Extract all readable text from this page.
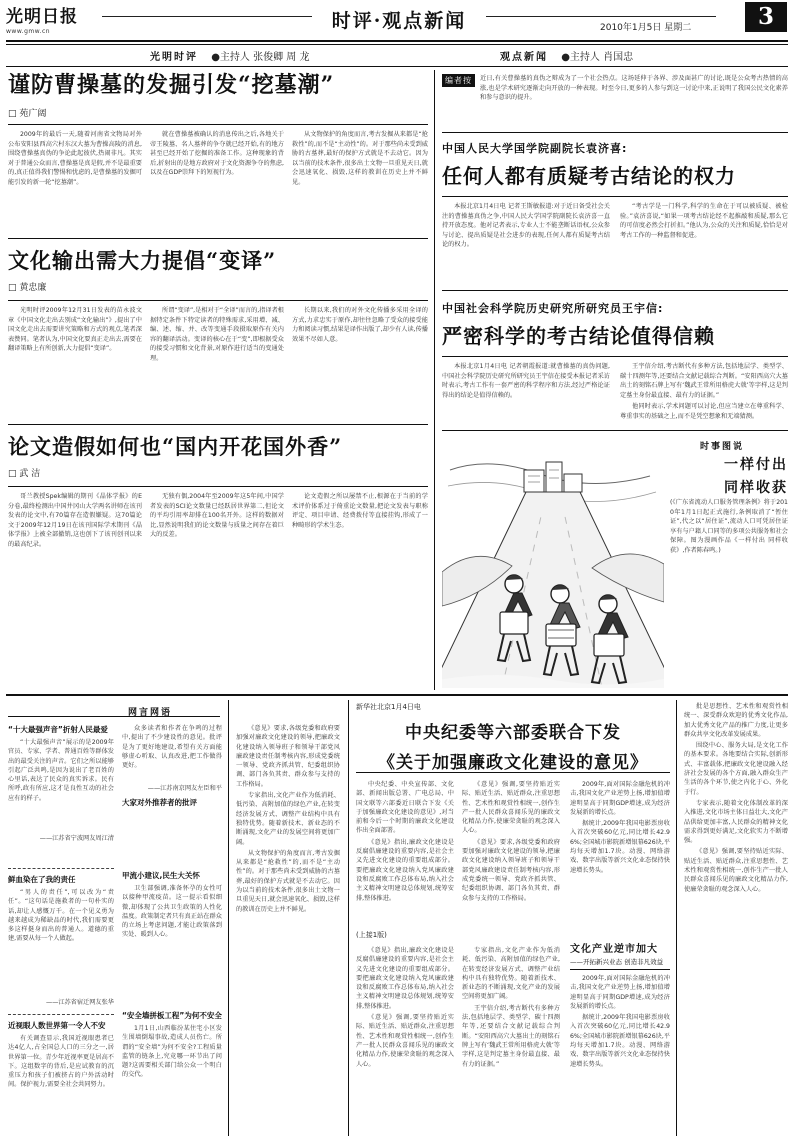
光明日报
www.gmw.cn	时评·观点新闻	2010年1月5日 星期二	3
光明时评 ●主持人 张俊卿 周 龙	观点新闻 ●主持人 肖国忠
谨防曹操墓的发掘引发“挖墓潮”
□ 苑广阔

2009年的最后一天,随着河南省文物局对外公布安阳县西高穴村东汉大墓为曹操高陵的消息,围绕曹操墓真伪的争论此起彼伏,热闹非凡。其实对于普通公众而言,曹操墓是真是假,并不是最重要的,真正值得我们警惕和忧虑的,是曹操墓的发掘可能引发的新一轮“挖墓潮”。

就在曹操墓被确认的消息传出之后,各地关于帝王陵墓、名人墓葬的争夺就已经开始,有的地方甚至已经开始了挖掘的准备工作。这种现象的背后,折射出的是地方政府对于文化资源争夺的焦虑,以及在GDP崇拜下的短视行为。

从文物保护的角度而言,考古发掘从来都是“抢救性”的,而不是“主动性”的。对于那些尚未受到威胁的古墓葬,最好的保护方式就是不去动它。因为以当前的技术条件,很多出土文物一旦重见天日,就会迅速氧化、损毁,这样的教训在历史上并不鲜见。

文化输出需大力提倡“变译”
□ 黄忠廉

光明时评2009年12月31日发表的苗永波文章《中国文化走出去别成“文化输出”》,提出了中国文化走出去需要讲究策略和方式的观点,笔者深表赞同。笔者认为,中国文化要真正走出去,需要在翻译策略上有所创新,大力提倡“变译”。

所谓“变译”,是相对于“全译”而言的,指译者根据特定条件下特定读者的特殊需求,采用增、减、编、述、缩、并、改等变通手段摄取原作有关内容的翻译活动。变译的核心在于“变”,即根据受众的接受习惯和文化背景,对原作进行适当的变通处理。

长期以来,我们的对外文化传播多采用全译的方式,力求忠实于原作,却往往忽略了受众的接受能力和阅读习惯,结果是译作出版了,却少有人读,传播效果不尽如人意。

论文造假如何也“国内开花国外香”
□ 武 洁

哥兰教授Spek编辑的期刊《晶体学报》的E分卷,最终检测出中国井冈山大学两名讲师在该刊发表的论文中,有70篇存在造假嫌疑。这70篇论文于2009年12月19日在该刊国际学术期刊《晶体学报》上被全部撤销,这也创下了该刊创刊以来的最高纪录。

无独有偶,2004年至2009年这5年间,中国学者发表的SCI论文数量已经跃居世界第二,但论文的平均引用率却排在100名开外。这样的数据对比,显然说明我们的论文数量与质量之间存在着巨大的反差。

论文造假之所以屡禁不止,根源在于当前的学术评价体系过于倚重论文数量,把论文发表与职称评定、项目申请、经费拨付等直接挂钩,形成了一种畸形的学术生态。

编者按	近日,有关曹操墓的真伪之辩成为了一个社会热点。这场延伸于各界、涉及面甚广的讨论,既是公众考古热情的高涨,也是学术研究逐渐走向开放的一种表现。时至今日,更多的人参与到这一讨论中来,正说明了我国公民文化素养和参与意识的提升。

中国人民大学国学院副院长袁济喜:
任何人都有质疑考古结论的权力

本报北京1月4日电 记者王斯敏报道:对于近日备受社会关注的曹操墓真伪之争,中国人民大学国学院副院长袁济喜一直持开放态度。他对记者表示,专业人士不能垄断话语权,公众参与讨论、提出质疑是社会进步的表现,任何人都有质疑考古结论的权力。

“考古学是一门科学,科学的生命在于可以被质疑、被检验。”袁济喜说,“如果一项考古结论经不起推敲和质疑,那么它的可信度必然会打折扣。”他认为,公众的关注和质疑,恰恰是对考古工作的一种监督和促进。

中国社会科学院历史研究所研究员王宇信:
严密科学的考古结论值得信赖

本报北京1月4日电 记者朝霞报道:就曹操墓的真伪问题,中国社会科学院历史研究所研究员王宇信在接受本报记者采访时表示,考古工作有一套严密的科学程序和方法,经过严格论证得出的结论是值得信赖的。

王宇信介绍,考古断代有多种方法,包括地层学、类型学、碳十四测年等,还要结合文献记载综合判断。“安阳西高穴大墓出土的刻铭石牌上写有‘魏武王常所用格虎大戟’等字样,这是判定墓主身份最直接、最有力的证据。”

他同时表示,学术问题可以讨论,但应当建立在尊重科学、尊重事实的基础之上,而不是凭空想象和无端猜测。

时事图说
一样付出
同样收获

(《广东省流动人口服务管理条例》将于2010年1月1日起正式施行,条例取消了“暂住证”,代之以“居住证”,流动人口可凭居住证享有与户籍人口同等的多项公共服务和社会保障。图为漫画作品《一样付出 同样收获》,作者陈春鸣。)

网言网语
“十大最强声音”折射人民最爱

“十大最强声音”展示的是2009年官员、专家、学者、普通百姓等群体发出的最受关注的声音。它们之所以能够引起广泛共鸣,是因为说出了老百姓的心里话,表达了民众的真实诉求。民有所呼,政有所应,这才是良性互动的社会应有的样子。

——江苏省宁波网友周江清
鲜血染在了我的责任

“男人的责任”,可以改为“责任”。“这句话是施救者的一句朴实的话,却让人感慨万千。在一个见义勇为越来越成为稀缺品的时代,我们需要更多这样挺身而出的普通人。道德的重建,需要从每一个人做起。

——江苏省宿迁网友张华
近视眼人数世界第一令人不安

有关调查显示,我国近视眼患者已达4亿人,占全国总人口的三分之一,居世界第一位。青少年近视率更是居高不下。这组数字的背后,是应试教育的沉重压力和孩子们被挤占的户外活动时间。保护视力,需要全社会共同努力。

众多读者和作者在争鸣的过程中,提出了不少建设性的意见。批评是为了更好地建设,希望有关方面能够虚心听取、认真改进,把工作做得更好。

——江苏南京网友左臣和平
大家对外推荐者的批评
甲流小建议,民生大关怀

卫生部强调,准备怀孕的女性可以接种甲流疫苗。这一提示看似细微,却体现了公共卫生政策的人性化温度。政策制定者只有真正站在群众的立场上考虑问题,才能让政策落到实处、暖到人心。

“安全墙拼板工程”为何不安全

1月1日,山西临汾某住宅小区发生围墙倒塌事故,造成人员伤亡。所谓的“安全墙”为何不安全?工程质量监管的链条上,究竟哪一环节出了问题?这需要相关部门给公众一个明白的交代。

《意见》要求,各级党委和政府要加强对廉政文化建设的领导,把廉政文化建设纳入领导班子和领导干部党风廉政建设责任制考核内容,形成党委统一领导、党政齐抓共管、纪委组织协调、部门各负其责、群众参与支持的工作格局。

专家指出,文化产业作为低消耗、低污染、高附加值的绿色产业,在转变经济发展方式、调整产业结构中具有独特优势。随着新技术、新业态的不断涌现,文化产业的发展空间将更加广阔。

从文物保护的角度而言,考古发掘从来都是“抢救性”的,而不是“主动性”的。对于那些尚未受到威胁的古墓葬,最好的保护方式就是不去动它。因为以当前的技术条件,很多出土文物一旦重见天日,就会迅速氧化、损毁,这样的教训在历史上并不鲜见。

新华社北京1月4日电
中央纪委等六部委联合下发
《关于加强廉政文化建设的意见》

中央纪委、中央宣传部、文化部、新闻出版总署、广电总局、中国文联等六部委近日联合下发《关于加强廉政文化建设的意见》,对当前和今后一个时期的廉政文化建设作出全面部署。

《意见》指出,廉政文化建设是反腐倡廉建设的重要内容,是社会主义先进文化建设的重要组成部分。要把廉政文化建设纳入党风廉政建设和反腐败工作总体布局,纳入社会主义精神文明建设总体规划,统筹安排,整体推进。

《意见》强调,要坚持贴近实际、贴近生活、贴近群众,注重思想性、艺术性和观赏性相统一,创作生产一批人民群众喜闻乐见的廉政文化精品力作,使廉荣贪耻的观念深入人心。

《意见》要求,各级党委和政府要加强对廉政文化建设的领导,把廉政文化建设纳入领导班子和领导干部党风廉政建设责任制考核内容,形成党委统一领导、党政齐抓共管、纪委组织协调、部门各负其责、群众参与支持的工作格局。

2009年,面对国际金融危机的冲击,我国文化产业逆势上扬,增加值增速明显高于同期GDP增速,成为经济发展新的增长点。

据统计,2009年我国电影票房收入首次突破60亿元,同比增长42.96%;全国城市影院新增银幕626块,平均每天增加1.7块。动漫、网络游戏、数字出版等新兴文化业态保持快速增长势头。

(上接1版)

《意见》指出,廉政文化建设是反腐倡廉建设的重要内容,是社会主义先进文化建设的重要组成部分。要把廉政文化建设纳入党风廉政建设和反腐败工作总体布局,纳入社会主义精神文明建设总体规划,统筹安排,整体推进。

《意见》强调,要坚持贴近实际、贴近生活、贴近群众,注重思想性、艺术性和观赏性相统一,创作生产一批人民群众喜闻乐见的廉政文化精品力作,使廉荣贪耻的观念深入人心。

专家指出,文化产业作为低消耗、低污染、高附加值的绿色产业,在转变经济发展方式、调整产业结构中具有独特优势。随着新技术、新业态的不断涌现,文化产业的发展空间将更加广阔。

王宇信介绍,考古断代有多种方法,包括地层学、类型学、碳十四测年等,还要结合文献记载综合判断。“安阳西高穴大墓出土的刻铭石牌上写有‘魏武王常所用格虎大戟’等字样,这是判定墓主身份最直接、最有力的证据。”

文化产业逆市加大
——开拓新兴业态 创造非凡效益

2009年,面对国际金融危机的冲击,我国文化产业逆势上扬,增加值增速明显高于同期GDP增速,成为经济发展新的增长点。

据统计,2009年我国电影票房收入首次突破60亿元,同比增长42.96%;全国城市影院新增银幕626块,平均每天增加1.7块。动漫、网络游戏、数字出版等新兴文化业态保持快速增长势头。

批是思想性、艺术性和观赏性相统一、深受群众欢迎的优秀文化作品,加大优秀文化产品的推广力度,让更多群众共享文化改革发展成果。

围绕中心、服务大局,是文化工作的基本要求。各地要结合实际,创新形式、丰富载体,把廉政文化建设融入经济社会发展的各个方面,融入群众生产生活的各个环节,使之内化于心、外化于行。

专家表示,随着文化体制改革的深入推进,文化市场主体日益壮大,文化产品供给更加丰富,人民群众的精神文化需求得到更好满足,文化软实力不断增强。

《意见》强调,要坚持贴近实际、贴近生活、贴近群众,注重思想性、艺术性和观赏性相统一,创作生产一批人民群众喜闻乐见的廉政文化精品力作,使廉荣贪耻的观念深入人心。
